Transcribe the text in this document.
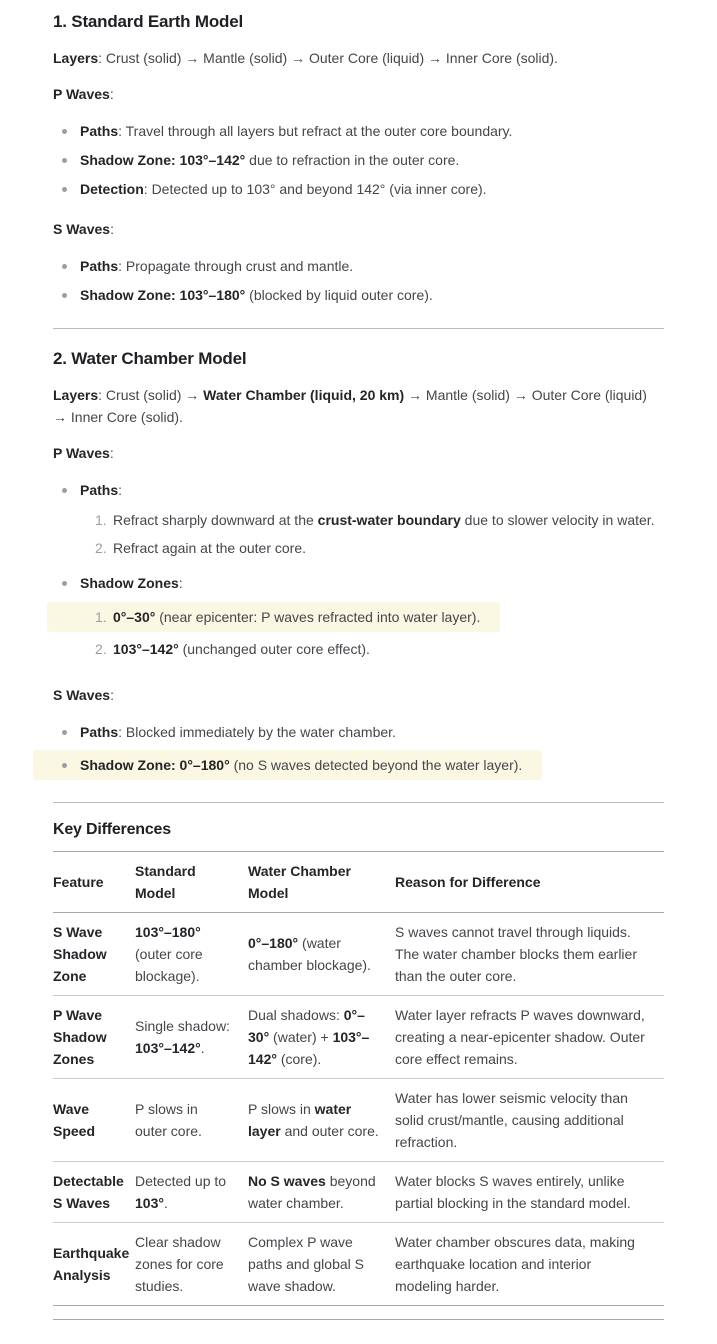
1. Standard Earth Model

Layers: Crust (solid) → Mantle (solid) → Outer Core (liquid) → Inner Core (solid).

P Waves:

Paths: Travel through all layers but refract at the outer core boundary.
Shadow Zone: 103°–142° due to refraction in the outer core.
Detection: Detected up to 103° and beyond 142° (via inner core).

S Waves:

Paths: Propagate through crust and mantle.
Shadow Zone: 103°–180° (blocked by liquid outer core).
2. Water Chamber Model

Layers: Crust (solid) → Water Chamber (liquid, 20 km) → Mantle (solid) → Outer Core (liquid) → Inner Core (solid).

P Waves:

Paths:
1. Refract sharply downward at the crust-water boundary due to slower velocity in water.
2. Refract again at the outer core.
Shadow Zones:
1. 0°–30° (near epicenter: P waves refracted into water layer).
2. 103°–142° (unchanged outer core effect).

S Waves:

Paths: Blocked immediately by the water chamber.
Shadow Zone: 0°–180° (no S waves detected beyond the water layer).
Key Differences
Feature	Standard Model	Water Chamber Model	Reason for Difference
S Wave Shadow Zone	103°–180° (outer core blockage).	0°–180° (water chamber blockage).	S waves cannot travel through liquids. The water chamber blocks them earlier than the outer core.
P Wave Shadow Zones	Single shadow: 103°–142°.	Dual shadows: 0°–30° (water) + 103°–142° (core).	Water layer refracts P waves downward, creating a near-epicenter shadow. Outer core effect remains.
Wave Speed	P slows in outer core.	P slows in water layer and outer core.	Water has lower seismic velocity than solid crust/mantle, causing additional refraction.
Detectable S Waves	Detected up to 103°.	No S waves beyond water chamber.	Water blocks S waves entirely, unlike partial blocking in the standard model.
Earthquake Analysis	Clear shadow zones for core studies.	Complex P wave paths and global S wave shadow.	Water chamber obscures data, making earthquake location and interior modeling harder.
